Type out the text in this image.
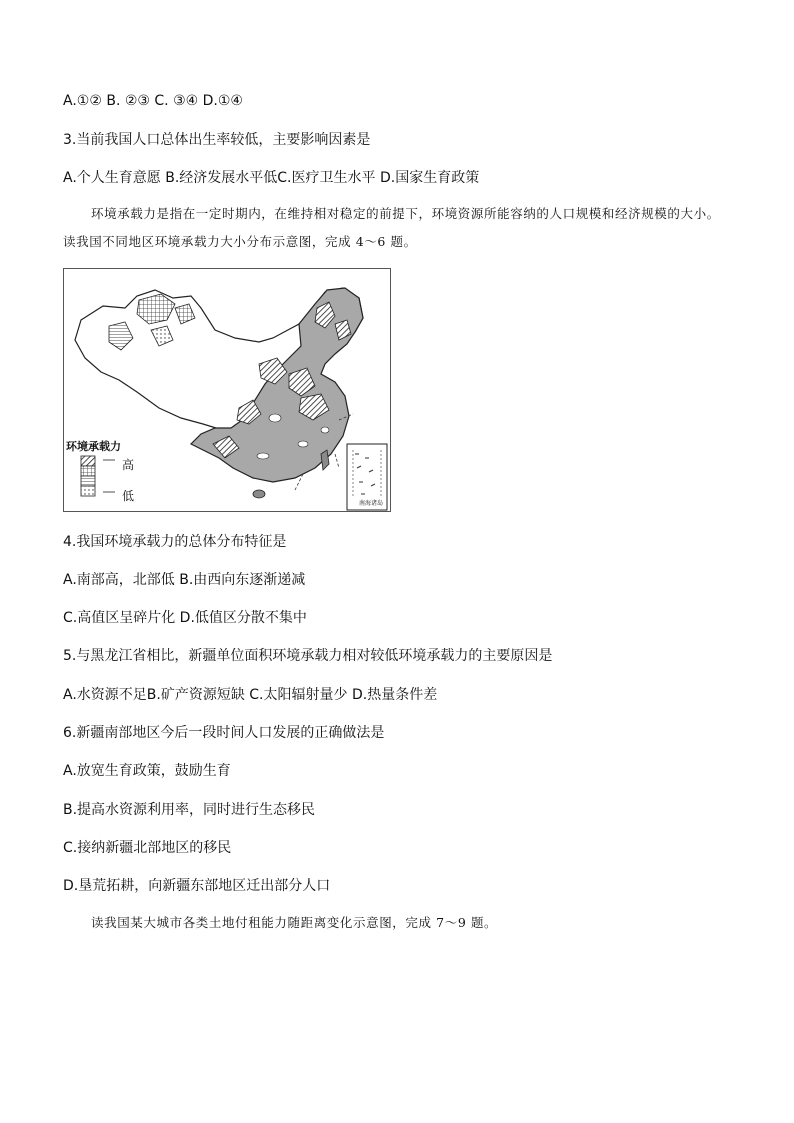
A.①② B. ②③ C. ③④ D.①④
3.当前我国人口总体出生率较低，主要影响因素是
A.个人生育意愿 B.经济发展水平低C.医疗卫生水平 D.国家生育政策
环境承载力是指在一定时期内，在维持相对稳定的前提下，环境资源所能容纳的人口规模和经济规模的大小。读我国不同地区环境承载力大小分布示意图，完成 4～6 题。
环境承载力
高
低
南海诸岛
4.我国环境承载力的总体分布特征是
A.南部高，北部低 B.由西向东逐渐递减
C.高值区呈碎片化 D.低值区分散不集中
5.与黑龙江省相比，新疆单位面积环境承载力相对较低环境承载力的主要原因是
A.水资源不足B.矿产资源短缺 C.太阳辐射量少 D.热量条件差
6.新疆南部地区今后一段时间人口发展的正确做法是
A.放宽生育政策，鼓励生育
B.提高水资源利用率，同时进行生态移民
C.接纳新疆北部地区的移民
D.垦荒拓耕，向新疆东部地区迁出部分人口
读我国某大城市各类土地付租能力随距离变化示意图，完成 7～9 题。
